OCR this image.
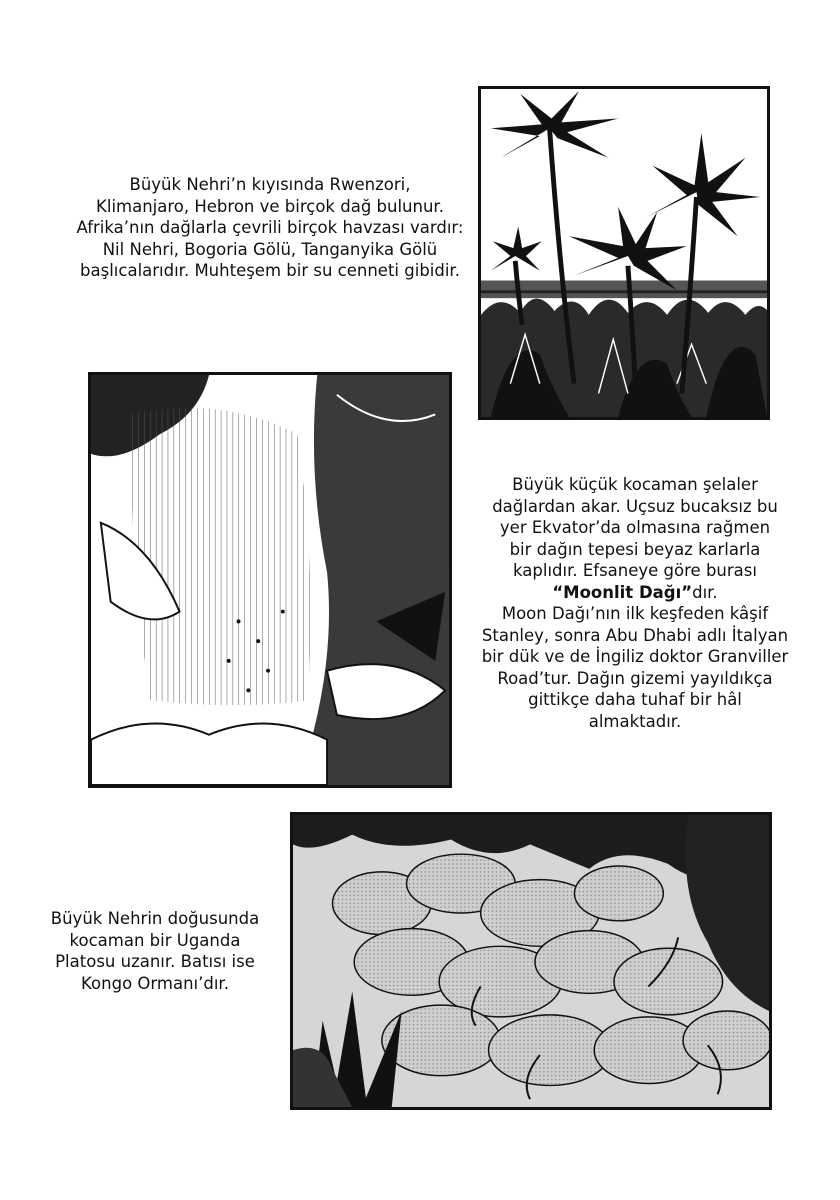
Büyük Nehri’n kıyısında Rwenzori,
Klimanjaro, Hebron ve birçok dağ bulunur.
Afrika’nın dağlarla çevrili birçok havzası vardır:
Nil Nehri, Bogoria Gölü, Tanganyika Gölü
başlıcalarıdır. Muhteşem bir su cenneti gibidir.
Büyük küçük kocaman şelaler
dağlardan akar. Uçsuz bucaksız bu
yer Ekvator’da olmasına rağmen
bir dağın tepesi beyaz karlarla
kaplıdır. Efsaneye göre burası
“Moonlit Dağı”dır.
Moon Dağı’nın ilk keşfeden kâşif
Stanley, sonra Abu Dhabi adlı İtalyan
bir dük ve de İngiliz doktor Granviller
Road’tur. Dağın gizemi yayıldıkça
gittikçe daha tuhaf bir hâl
almaktadır.
Büyük Nehrin doğusunda
kocaman bir Uganda
Platosu uzanır. Batısı ise
Kongo Ormanı’dır.
